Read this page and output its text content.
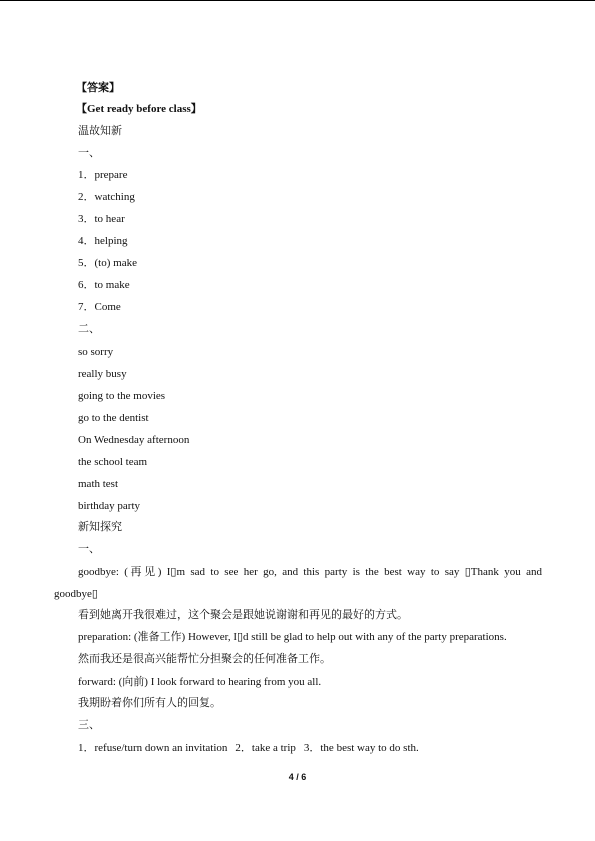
【答案】
【Get ready before class】
温故知新
一、
1．prepare
2．watching
3．to hear
4．helping
5．(to) make
6．to make
7．Come
二、
so sorry
really busy
going to the movies
go to the dentist
On Wednesday afternoon
the school team
math test
birthday party
新知探究
一、
goodbye: (再见) I▯m sad to see her go, and this party is the best way to say ▯Thank you and
goodbye▯
看到她离开我很难过，这个聚会是跟她说谢谢和再见的最好的方式。
preparation: (准备工作) However, I▯d still be glad to help out with any of the party preparations.
然而我还是很高兴能帮忙分担聚会的任何准备工作。
forward: (向前) I look forward to hearing from you all.
我期盼着你们所有人的回复。
三、
1．refuse/turn down an invitation 2．take a trip 3．the best way to do sth.
4 / 6
